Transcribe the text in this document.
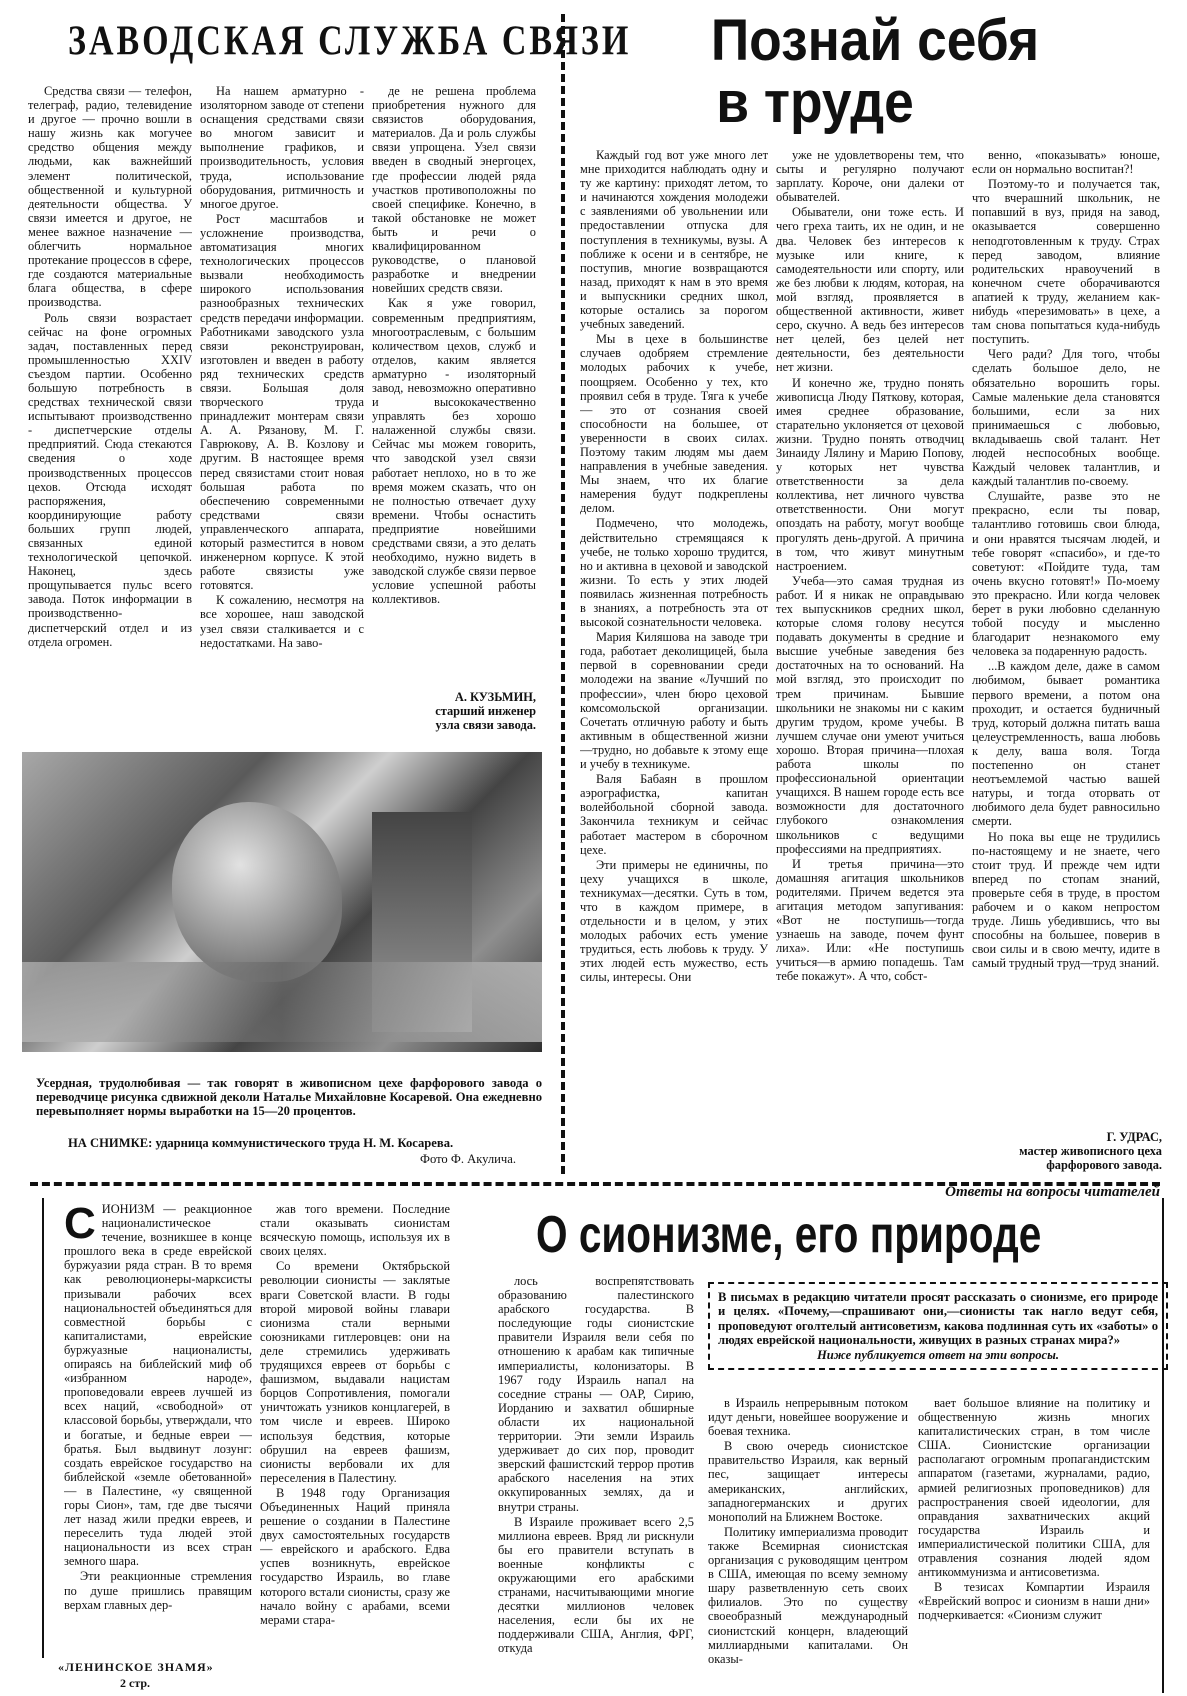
ЗАВОДСКАЯ СЛУЖБА СВЯЗИ

Средства связи — телефон, телеграф, радио, телевидение и другое — прочно вошли в нашу жизнь как могучее средство общения между людьми, как важнейший элемент политической, общественной и культурной деятельности общества. У связи имеется и другое, не менее важное назначение — облегчить нормальное протекание процессов в сфере, где создаются материальные блага общества, в сфере производства.

Роль связи возрастает сейчас на фоне огромных задач, поставленных перед промышленностью XXIV съездом партии. Особенно большую потребность в средствах технической связи испытывают производственно - диспетчерские отделы предприятий. Сюда стекаются сведения о ходе производственных процессов цехов. Отсюда исходят распоряжения, координирующие работу больших групп людей, связанных единой технологической цепочкой. Наконец, здесь прощупывается пульс всего завода. Поток информации в производственно-диспетчерский отдел и из отдела огромен.

На нашем арматурно - изоляторном заводе от степени оснащения средствами связи во многом зависит и выполнение графиков, и производительность, условия труда, использование оборудования, ритмичность и многое другое.

Рост масштабов и усложнение производства, автоматизация многих технологических процессов вызвали необходимость широкого использования разнообразных технических средств передачи информации. Работниками заводского узла связи реконструирован, изготовлен и введен в работу ряд технических средств связи. Большая доля творческого труда принадлежит монтерам связи А. А. Рязанову, М. Г. Гаврюкову, А. В. Козлову и другим. В настоящее время перед связистами стоит новая большая работа по обеспечению современными средствами связи управленческого аппарата, который разместится в новом инженерном корпусе. К этой работе связисты уже готовятся.

К сожалению, несмотря на все хорошее, наш заводской узел связи сталкивается и с недостатками. На заво-

де не решена проблема приобретения нужного для связистов оборудования, материалов. Да и роль службы связи упрощена. Узел связи введен в сводный энергоцех, где профессии людей ряда участков противоположны по своей специфике. Конечно, в такой обстановке не может быть и речи о квалифицированном руководстве, о плановой разработке и внедрении новейших средств связи.

Как я уже говорил, современным предприятиям, многоотраслевым, с большим количеством цехов, служб и отделов, каким является арматурно - изоляторный завод, невозможно оперативно и высококачественно управлять без хорошо налаженной службы связи. Сейчас мы можем говорить, что заводской узел связи работает неплохо, но в то же время можем сказать, что он не полностью отвечает духу времени. Чтобы оснастить предприятие новейшими средствами связи, а это делать необходимо, нужно видеть в заводской службе связи первое условие успешной работы коллективов.

А. КУЗЬМИН,
старший инженер
узла связи завода.
Усердная, трудолюбивая — так говорят в живописном цехе фарфорового завода о переводчице рисунка сдвижной деколи Наталье Михайловне Косаревой. Она ежедневно перевыполняет нормы выработки на 15—20 процентов.
НА СНИМКЕ: ударница коммунистического труда Н. М. Косарева.
Фото Ф. Акулича.
Познай себя
в труде

Каждый год вот уже много лет мне приходится наблюдать одну и ту же картину: приходят летом, то и начинаются хождения молодежи с заявлениями об увольнении или предоставлении отпуска для поступления в техникумы, вузы. А поближе к осени и в сентябре, не поступив, многие возвращаются назад, приходят к нам в это время и выпускники средних школ, которые остались за порогом учебных заведений.

Мы в цехе в большинстве случаев одобряем стремление молодых рабочих к учебе, поощряем. Особенно у тех, кто проявил себя в труде. Тяга к учебе — это от сознания своей способности на большее, от уверенности в своих силах. Поэтому таким людям мы даем направления в учебные заведения. Мы знаем, что их благие намерения будут подкреплены делом.

Подмечено, что молодежь, действительно стремящаяся к учебе, не только хорошо трудится, но и активна в цеховой и заводской жизни. То есть у этих людей появилась жизненная потребность в знаниях, а потребность эта от высокой сознательности человека.

Мария Киляшова на заводе три года, работает деколищицей, была первой в соревновании среди молодежи на звание «Лучший по профессии», член бюро цеховой комсомольской организации. Сочетать отличную работу и быть активным в общественной жизни—трудно, но добавьте к этому еще и учебу в техникуме.

Валя Бабаян в прошлом аэрографистка, капитан волейбольной сборной завода. Закончила техникум и сейчас работает мастером в сборочном цехе.

Эти примеры не единичны, по цеху учащихся в школе, техникумах—десятки. Суть в том, что в каждом примере, в отдельности и в целом, у этих молодых рабочих есть умение трудиться, есть любовь к труду. У этих людей есть мужество, есть силы, интересы. Они

уже не удовлетворены тем, что сыты и регулярно получают зарплату. Короче, они далеки от обывателей.

Обыватели, они тоже есть. И чего греха таить, их не один, и не два. Человек без интересов к музыке или книге, к самодеятельности или спорту, или же без любви к людям, которая, на мой взгляд, проявляется в общественной активности, живет серо, скучно. А ведь без интересов нет целей, без целей нет деятельности, без деятельности нет жизни.

И конечно же, трудно понять живописца Люду Пяткову, которая, имея среднее образование, старательно уклоняется от цеховой жизни. Трудно понять отводчиц Зинаиду Лялину и Марию Попову, у которых нет чувства ответственности за дела коллектива, нет личного чувства ответственности. Они могут опоздать на работу, могут вообще прогулять день-другой. А причина в том, что живут минутным настроением.

Учеба—это самая трудная из работ. И я никак не оправдываю тех выпускников средних школ, которые сломя голову несутся подавать документы в средние и высшие учебные заведения без достаточных на то оснований. На мой взгляд, это происходит по трем причинам. Бывшие школьники не знакомы ни с каким другим трудом, кроме учебы. В лучшем случае они умеют учиться хорошо. Вторая причина—плохая работа школы по профессиональной ориентации учащихся. В нашем городе есть все возможности для достаточного глубокого ознакомления школьников с ведущими профессиями на предприятиях.

И третья причина—это домашняя агитация школьников родителями. Причем ведется эта агитация методом запугивания: «Вот не поступишь—тогда узнаешь на заводе, почем фунт лиха». Или: «Не поступишь учиться—в армию попадешь. Там тебе покажут». А что, собст-

венно, «показывать» юноше, если он нормально воспитан?!

Поэтому-то и получается так, что вчерашний школьник, не попавший в вуз, придя на завод, оказывается совершенно неподготовленным к труду. Страх перед заводом, влияние родительских нравоучений в конечном счете оборачиваются апатией к труду, желанием как-нибудь «перезимовать» в цехе, а там снова попытаться куда-нибудь поступить.

Чего ради? Для того, чтобы сделать большое дело, не обязательно ворошить горы. Самые маленькие дела становятся большими, если за них принимаешься с любовью, вкладываешь свой талант. Нет людей неспособных вообще. Каждый человек талантлив, и каждый талантлив по-своему.

Слушайте, разве это не прекрасно, если ты повар, талантливо готовишь свои блюда, и они нравятся тысячам людей, и тебе говорят «спасибо», и где-то советуют: «Пойдите туда, там очень вкусно готовят!» По-моему это прекрасно. Или когда человек берет в руки любовно сделанную тобой посуду и мысленно благодарит незнакомого ему человека за подаренную радость.

...В каждом деле, даже в самом любимом, бывает романтика первого времени, а потом она проходит, и остается будничный труд, который должна питать ваша целеустремленность, ваша любовь к делу, ваша воля. Тогда постепенно он станет неотъемлемой частью вашей натуры, и тогда оторвать от любимого дела будет равносильно смерти.

Но пока вы еще не трудились по-настоящему и не знаете, чего стоит труд. И прежде чем идти вперед по стопам знаний, проверьте себя в труде, в простом рабочем и о каком непростом труде. Лишь убедившись, что вы способны на большее, поверив в свои силы и в свою мечту, идите в самый трудный труд—труд знаний.

Г. УДРАС,
мастер живописного цеха фарфорового завода.
Ответы на вопросы читателей
О сионизме, его природе
С ИОНИЗМ — реакционное националистическое течение, возникшее в конце прошлого века в среде еврейской буржуазии ряда стран. В то время как революционеры-марксисты призывали рабочих всех национальностей объединяться для совместной борьбы с капиталистами, еврейские буржуазные националисты, опираясь на библейский миф об «избранном народе», проповедовали евреев лучшей из всех наций, «свободной» от классовой борьбы, утверждали, что и богатые, и бедные евреи — братья. Был выдвинут лозунг: создать еврейское государство на библейской «земле обетованной» — в Палестине, «у священной горы Сион», там, где две тысячи лет назад жили предки евреев, и переселить туда людей этой национальности из всех стран земного шара.

Эти реакционные стремления по душе пришлись правящим верхам главных дер-

жав того времени. Последние стали оказывать сионистам всяческую помощь, используя их в своих целях.

Со времени Октябрьской революции сионисты — заклятые враги Советской власти. В годы второй мировой войны главари сионизма стали верными союзниками гитлеровцев: они на деле стремились удерживать трудящихся евреев от борьбы с фашизмом, выдавали нацистам борцов Сопротивления, помогали уничтожать узников концлагерей, в том числе и евреев. Широко используя бедствия, которые обрушил на евреев фашизм, сионисты вербовали их для переселения в Палестину.

В 1948 году Организация Объединенных Наций приняла решение о создании в Палестине двух самостоятельных государств — еврейского и арабского. Едва успев возникнуть, еврейское государство Израиль, во главе которого встали сионисты, сразу же начало войну с арабами, всеми мерами стара-

лось воспрепятствовать образованию палестинского арабского государства. В последующие годы сионистские правители Израиля вели себя по отношению к арабам как типичные империалисты, колонизаторы. В 1967 году Израиль напал на соседние страны — ОАР, Сирию, Иорданию и захватил обширные области их национальной территории. Эти земли Израиль удерживает до сих пор, проводит зверский фашистский террор против арабского населения на этих оккупированных землях, да и внутри страны.

В Израиле проживает всего 2,5 миллиона евреев. Вряд ли рискнули бы его правители вступать в военные конфликты с окружающими его арабскими странами, насчитывающими многие десятки миллионов человек населения, если бы их не поддерживали США, Англия, ФРГ, откуда

В письмах в редакцию читатели просят рассказать о сионизме, его природе и целях. «Почему,—спрашивают они,—сионисты так нагло ведут себя, проповедуют оголтелый антисоветизм, какова подлинная суть их «заботы» о людях еврейской национальности, живущих в разных странах мира?»
Ниже публикуется ответ на эти вопросы.

в Израиль непрерывным потоком идут деньги, новейшее вооружение и боевая техника.

В свою очередь сионистское правительство Израиля, как верный пес, защищает интересы американских, английских, западногерманских и других монополий на Ближнем Востоке.

Политику империализма проводит также Всемирная сионистская организация с руководящим центром в США, имеющая по всему земному шару разветвленную сеть своих филиалов. Это по существу своеобразный международный сионистский концерн, владеющий миллиардными капиталами. Он оказы-

вает большое влияние на политику и общественную жизнь многих капиталистических стран, в том числе США. Сионистские организации располагают огромным пропагандистским аппаратом (газетами, журналами, радио, армией религиозных проповедников) для распространения своей идеологии, для оправдания захватнических акций государства Израиль и империалистической политики США, для отравления сознания людей ядом антикоммунизма и антисоветизма.

В тезисах Компартии Израиля «Еврейский вопрос и сионизм в наши дни» подчеркивается: «Сионизм служит

«ЛЕНИНСКОЕ ЗНАМЯ»
2 стр.
